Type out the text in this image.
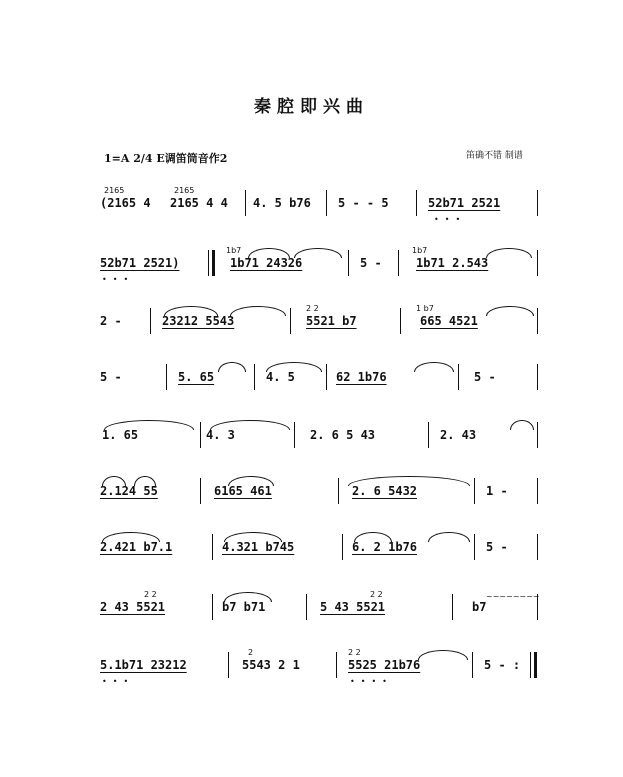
秦腔即兴曲
1=A 2/4 E调笛筒音作2	笛确不错 制谱
2165	2165
(2165 4 2165 4 4 4. 5 b76 5 - - 5	52b71 2521
•••
52b71 2521)
•••
1b7
1b71 24326	5 -
1b7
1b71 2.543
2 -	23212 5543
2 2
5521 b7
1 b7
665 4521
5 -	5. 65	4. 5	62 1b76	5 -
1. 65	4. 3	2. 6 5 43	2. 43
2.124 55	6165 461	2. 6 5432	1 -
2.421 b7.1	4.321 b745	6. 2 1b76	5 -
2 2
2 43 5521	b7 b71
2 2
5 43 5521	b7
~~~~~~~~
5.1b71 23212
•••
2
5543 2 1
2 2
5525 21b76
••••
5 - :
